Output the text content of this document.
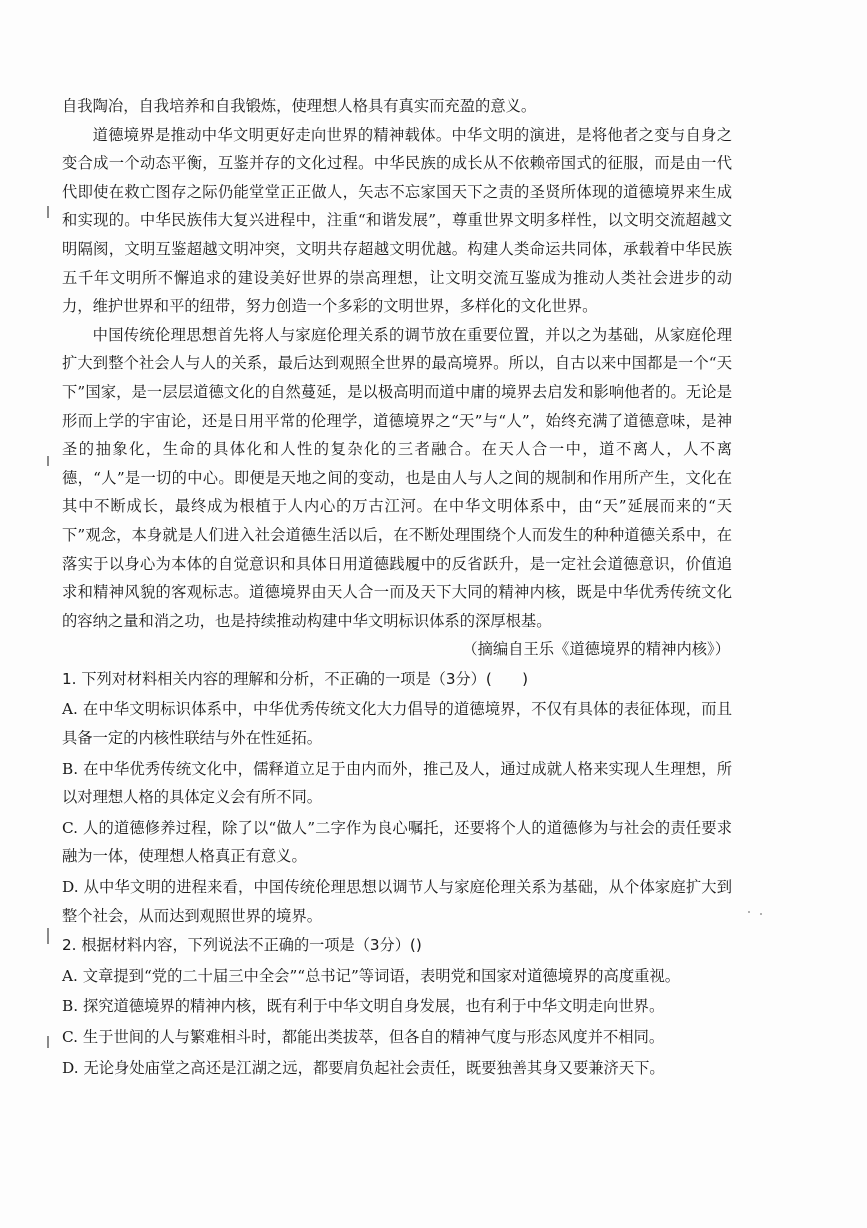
自我陶冶，自我培养和自我锻炼，使理想人格具有真实而充盈的意义。

道德境界是推动中华文明更好走向世界的精神载体。中华文明的演进，是将他者之变与自身之变合成一个动态平衡，互鉴并存的文化过程。中华民族的成长从不依赖帝国式的征服，而是由一代代即使在救亡图存之际仍能堂堂正正做人，矢志不忘家国天下之责的圣贤所体现的道德境界来生成和实现的。中华民族伟大复兴进程中，注重“和谐发展”，尊重世界文明多样性，以文明交流超越文明隔阂，文明互鉴超越文明冲突，文明共存超越文明优越。构建人类命运共同体，承载着中华民族五千年文明所不懈追求的建设美好世界的崇高理想，让文明交流互鉴成为推动人类社会进步的动力，维护世界和平的纽带，努力创造一个多彩的文明世界，多样化的文化世界。

中国传统伦理思想首先将人与家庭伦理关系的调节放在重要位置，并以之为基础，从家庭伦理扩大到整个社会人与人的关系，最后达到观照全世界的最高境界。所以，自古以来中国都是一个“天下”国家，是一层层道德文化的自然蔓延，是以极高明而道中庸的境界去启发和影响他者的。无论是形而上学的宇宙论，还是日用平常的伦理学，道德境界之“天”与“人”，始终充满了道德意味，是神圣的抽象化，生命的具体化和人性的复杂化的三者融合。在天人合一中，道不离人，人不离德，“人”是一切的中心。即便是天地之间的变动，也是由人与人之间的规制和作用所产生，文化在其中不断成长，最终成为根植于人内心的万古江河。在中华文明体系中，由“天”延展而来的“天下”观念，本身就是人们进入社会道德生活以后，在不断处理围绕个人而发生的种种道德关系中，在落实于以身心为本体的自觉意识和具体日用道德践履中的反省跃升，是一定社会道德意识，价值追求和精神风貌的客观标志。道德境界由天人合一而及天下大同的精神内核，既是中华优秀传统文化的容纳之量和消之功，也是持续推动构建中华文明标识体系的深厚根基。

（摘编自王乐《道德境界的精神内核》）

1. 下列对材料相关内容的理解和分析，不正确的一项是（3分）(　　)

A. 在中华文明标识体系中，中华优秀传统文化大力倡导的道德境界，不仅有具体的表征体现，而且具备一定的内核性联结与外在性延拓。

B. 在中华优秀传统文化中，儒释道立足于由内而外，推己及人，通过成就人格来实现人生理想，所以对理想人格的具体定义会有所不同。

C. 人的道德修养过程，除了以“做人”二字作为良心嘱托，还要将个人的道德修为与社会的责任要求融为一体，使理想人格真正有意义。

D. 从中华文明的进程来看，中国传统伦理思想以调节人与家庭伦理关系为基础，从个体家庭扩大到整个社会，从而达到观照世界的境界。

2. 根据材料内容，下列说法不正确的一项是（3分）()

A. 文章提到“党的二十届三中全会”“总书记”等词语，表明党和国家对道德境界的高度重视。

B. 探究道德境界的精神内核，既有利于中华文明自身发展，也有利于中华文明走向世界。

C. 生于世间的人与繁难相斗时，都能出类拔萃，但各自的精神气度与形态风度并不相同。

D. 无论身处庙堂之高还是江湖之远，都要肩负起社会责任，既要独善其身又要兼济天下。
